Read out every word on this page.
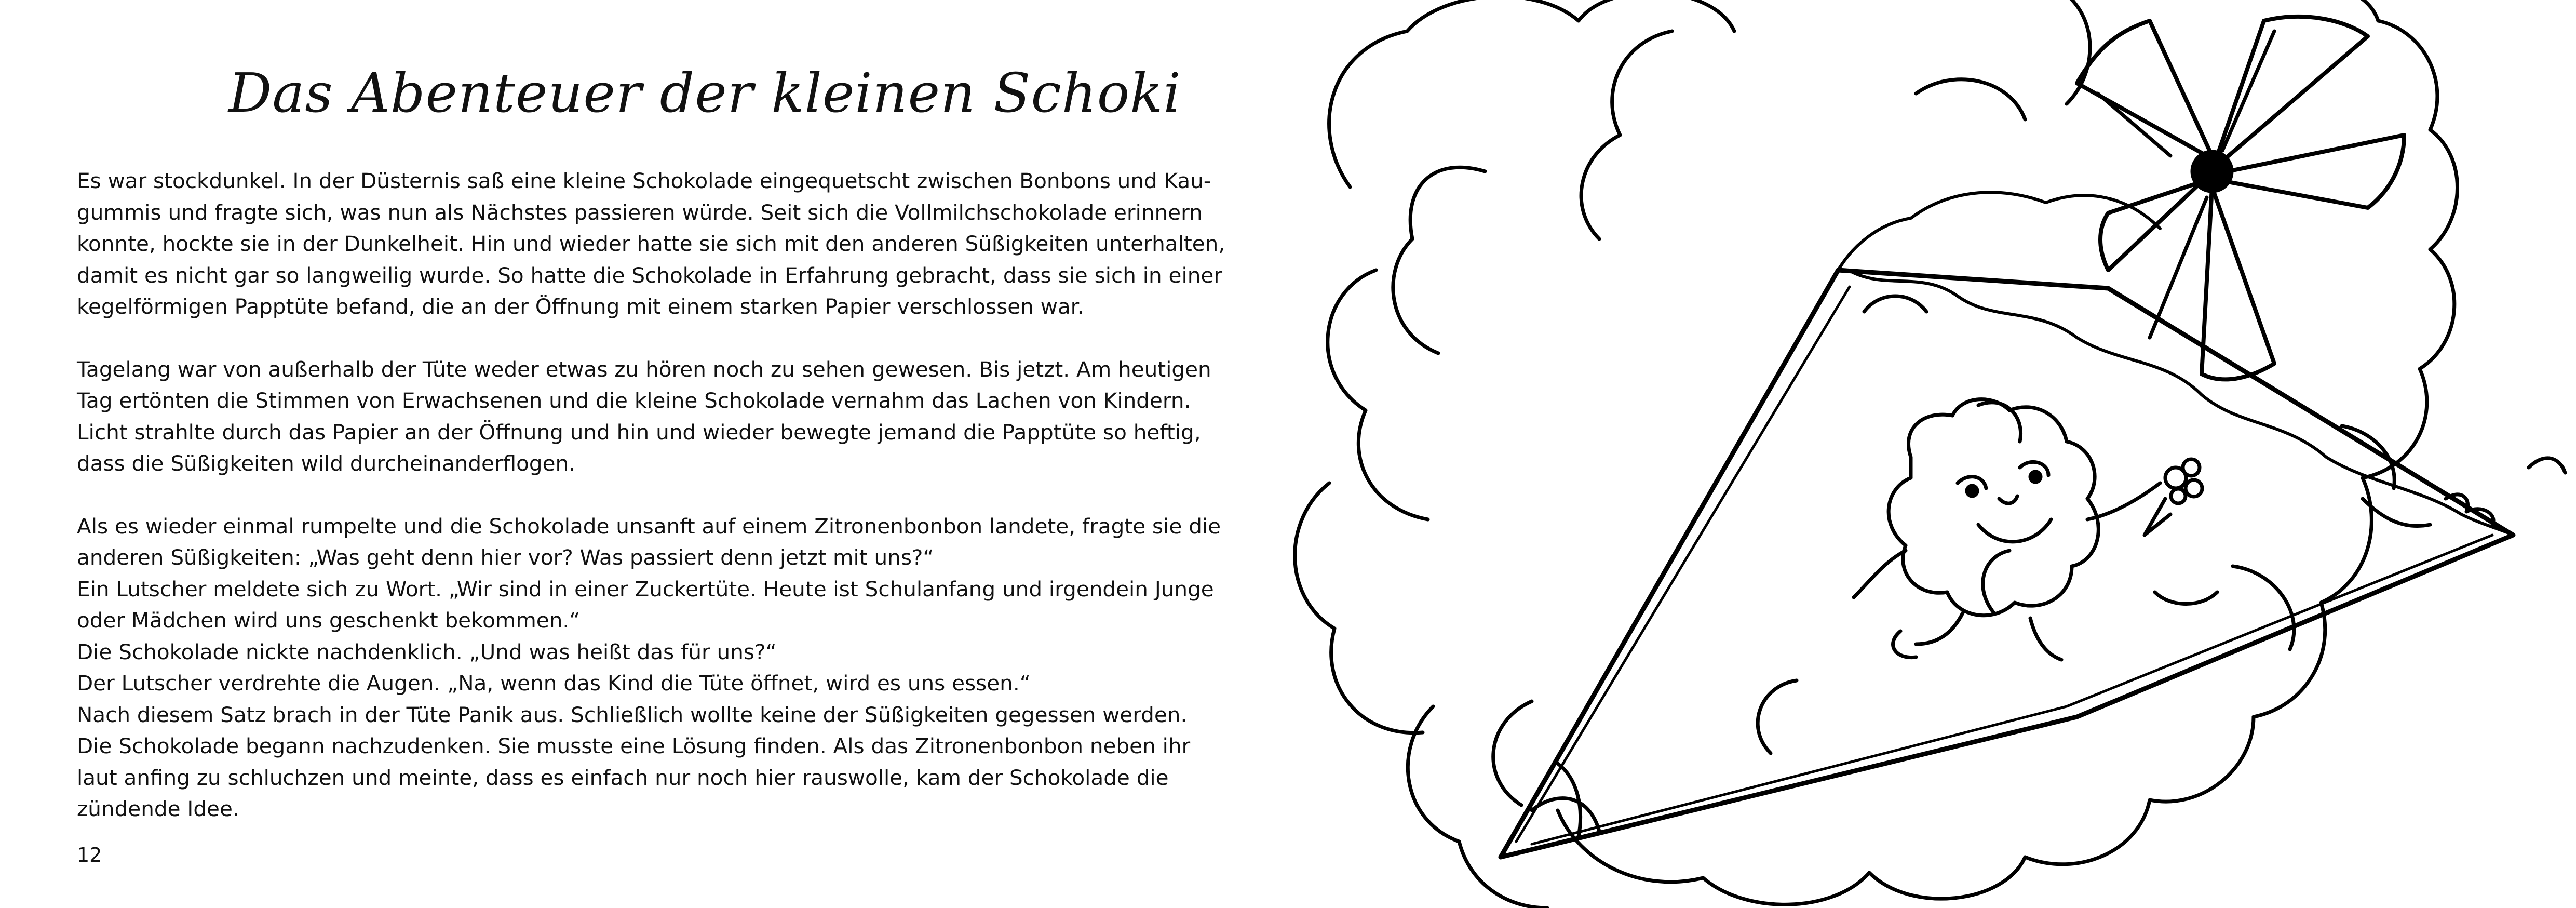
Das Abenteuer der kleinen Schoki
Es war stockdunkel. In der Düsternis saß eine kleine Schokolade eingequetscht zwischen Bonbons und Kau-
gummis und fragte sich, was nun als Nächstes passieren würde. Seit sich die Vollmilchschokolade erinnern
konnte, hockte sie in der Dunkelheit. Hin und wieder hatte sie sich mit den anderen Süßigkeiten unterhalten,
damit es nicht gar so langweilig wurde. So hatte die Schokolade in Erfahrung gebracht, dass sie sich in einer
kegelförmigen Papptüte befand, die an der Öffnung mit einem starken Papier verschlossen war.
Tagelang war von außerhalb der Tüte weder etwas zu hören noch zu sehen gewesen. Bis jetzt. Am heutigen
Tag ertönten die Stimmen von Erwachsenen und die kleine Schokolade vernahm das Lachen von Kindern.
Licht strahlte durch das Papier an der Öffnung und hin und wieder bewegte jemand die Papptüte so heftig,
dass die Süßigkeiten wild durcheinanderflogen.
Als es wieder einmal rumpelte und die Schokolade unsanft auf einem Zitronenbonbon landete, fragte sie die
anderen Süßigkeiten: „Was geht denn hier vor? Was passiert denn jetzt mit uns?“
Ein Lutscher meldete sich zu Wort. „Wir sind in einer Zuckertüte. Heute ist Schulanfang und irgendein Junge
oder Mädchen wird uns geschenkt bekommen.“
Die Schokolade nickte nachdenklich. „Und was heißt das für uns?“
Der Lutscher verdrehte die Augen. „Na, wenn das Kind die Tüte öffnet, wird es uns essen.“
Nach diesem Satz brach in der Tüte Panik aus. Schließlich wollte keine der Süßigkeiten gegessen werden.
Die Schokolade begann nachzudenken. Sie musste eine Lösung finden. Als das Zitronenbonbon neben ihr
laut anfing zu schluchzen und meinte, dass es einfach nur noch hier rauswolle, kam der Schokolade die
zündende Idee.
12
